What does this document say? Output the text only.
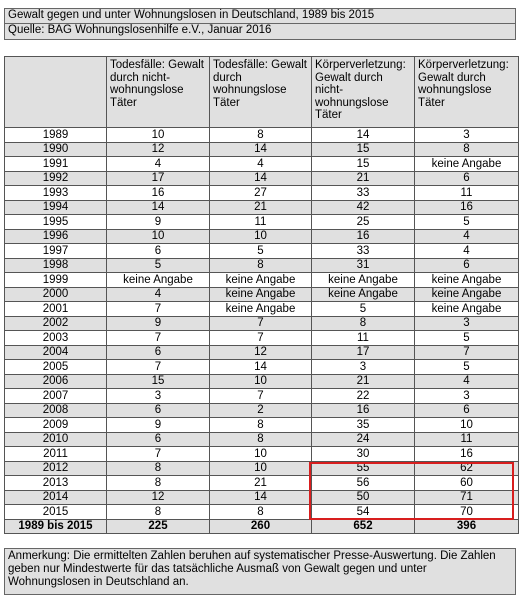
Gewalt gegen und unter Wohnungslosen in Deutschland, 1989 bis 2015
Quelle: BAG Wohnungslosenhilfe e.V., Januar 2016
	Todesfälle: Gewalt durch nicht-wohnungslose Täter	Todesfälle: Gewalt durch wohnungslose Täter	Körperverletzung: Gewalt durch nicht-wohnungslose Täter	Körperverletzung: Gewalt durch wohnungslose Täter
1989	10	8	14	3
1990	12	14	15	8
1991	4	4	15	keine Angabe
1992	17	14	21	6
1993	16	27	33	11
1994	14	21	42	16
1995	9	11	25	5
1996	10	10	16	4
1997	6	5	33	4
1998	5	8	31	6
1999	keine Angabe	keine Angabe	keine Angabe	keine Angabe
2000	4	keine Angabe	keine Angabe	keine Angabe
2001	7	keine Angabe	5	keine Angabe
2002	9	7	8	3
2003	7	7	11	5
2004	6	12	17	7
2005	7	14	3	5
2006	15	10	21	4
2007	3	7	22	3
2008	6	2	16	6
2009	9	8	35	10
2010	6	8	24	11
2011	7	10	30	16
2012	8	10	55	62
2013	8	21	56	60
2014	12	14	50	71
2015	8	8	54	70
1989 bis 2015	225	260	652	396
Anmerkung: Die ermittelten Zahlen beruhen auf systematischer Presse-Auswertung. Die Zahlen geben nur Mindestwerte für das tatsächliche Ausmaß von Gewalt gegen und unter Wohnungslosen in Deutschland an.
